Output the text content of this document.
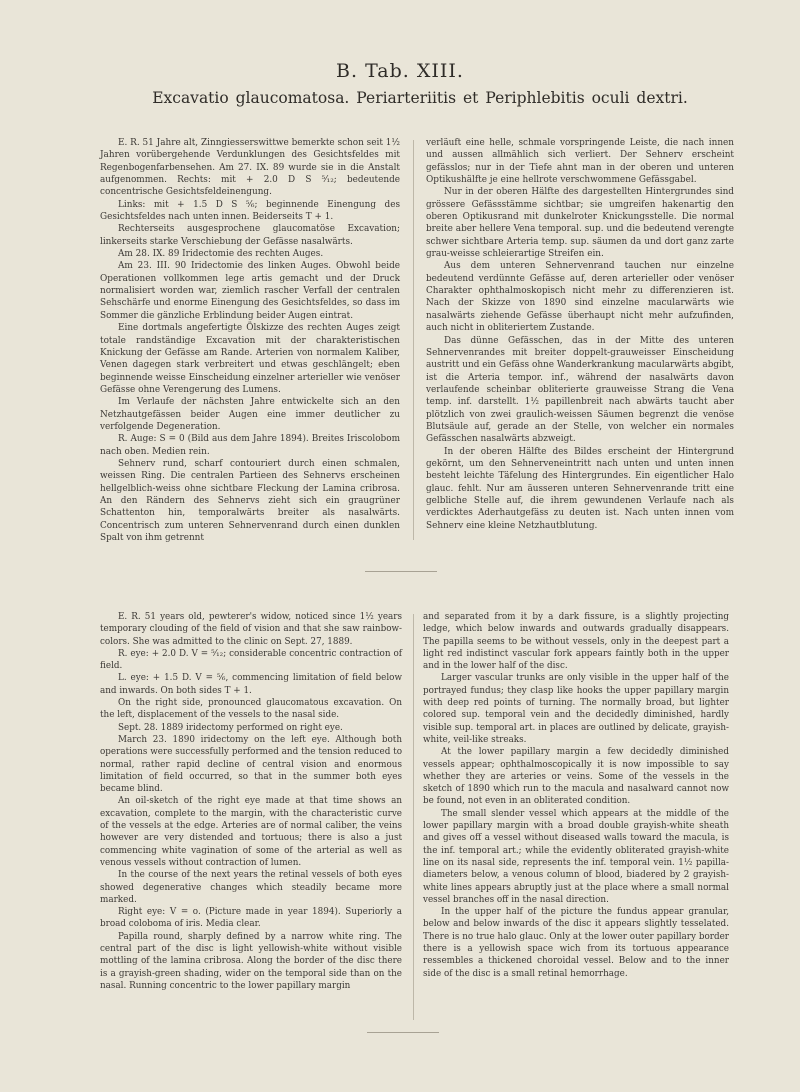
B. Tab. XIII.
Excavatio glaucomatosa. Periarteriitis et Periphlebitis oculi dextri.

E. R. 51 Jahre alt, Zinngiesserswittwe bemerkte schon seit 1½ Jahren vorübergehende Verdunklungen des Gesichtsfeldes mit Regenbogenfarbensehen. Am 27. IX. 89 wurde sie in die Anstalt aufgenommen. Rechts: mit + 2.0 D S ⁵⁄₁₂; bedeutende concentrische Gesichtsfeldeinengung.

Links: mit + 1.5 D S ⁵⁄₆; beginnende Einengung des Gesichtsfeldes nach unten innen. Beiderseits T + 1.

Rechterseits ausgesprochene glaucomatöse Excavation; linkerseits starke Verschiebung der Gefässe nasalwärts.

Am 28. IX. 89 Iridectomie des rechten Auges.

Am 23. III. 90 Iridectomie des linken Auges. Obwohl beide Operationen vollkommen lege artis gemacht und der Druck normalisiert worden war, ziemlich rascher Verfall der centralen Sehschärfe und enorme Einengung des Gesichtsfeldes, so dass im Sommer die gänzliche Erblindung beider Augen eintrat.

Eine dortmals angefertigte Ölskizze des rechten Auges zeigt totale randständige Excavation mit der charakteristischen Knickung der Gefässe am Rande. Arterien von normalem Kaliber, Venen dagegen stark verbreitert und etwas geschlängelt; eben beginnende weisse Einscheidung einzelner arterieller wie venöser Gefässe ohne Verengerung des Lumens.

Im Verlaufe der nächsten Jahre entwickelte sich an den Netzhautgefässen beider Augen eine immer deutlicher zu verfolgende Degeneration.

R. Auge: S = 0 (Bild aus dem Jahre 1894). Breites Iriscolobom nach oben. Medien rein.

Sehnerv rund, scharf contouriert durch einen schmalen, weissen Ring. Die centralen Partieen des Sehnervs erscheinen hellgelblich-weiss ohne sichtbare Fleckung der Lamina cribrosa. An den Rändern des Sehnervs zieht sich ein graugrüner Schattenton hin, temporalwärts breiter als nasalwärts. Concentrisch zum unteren Sehnervenrand durch einen dunklen Spalt von ihm getrennt

verläuft eine helle, schmale vorspringende Leiste, die nach innen und aussen allmählich sich verliert. Der Sehnerv erscheint gefässlos; nur in der Tiefe ahnt man in der oberen und unteren Optikushälfte je eine hellrote verschwommene Gefässgabel.

Nur in der oberen Hälfte des dargestellten Hintergrundes sind grössere Gefässstämme sichtbar; sie umgreifen hakenartig den oberen Optikusrand mit dunkelroter Knickungsstelle. Die normal breite aber hellere Vena temporal. sup. und die bedeutend verengte schwer sichtbare Arteria temp. sup. säumen da und dort ganz zarte grau-weisse schleierartige Streifen ein.

Aus dem unteren Sehnervenrand tauchen nur einzelne bedeutend verdünnte Gefässe auf, deren arterieller oder venöser Charakter ophthalmoskopisch nicht mehr zu differenzieren ist. Nach der Skizze von 1890 sind einzelne macularwärts wie nasalwärts ziehende Gefässe überhaupt nicht mehr aufzufinden, auch nicht in obliteriertem Zustande.

Das dünne Gefässchen, das in der Mitte des unteren Sehnervenrandes mit breiter doppelt-grauweisser Einscheidung austritt und ein Gefäss ohne Wanderkrankung macularwärts abgibt, ist die Arteria tempor. inf., während der nasalwärts davon verlaufende scheinbar obliterierte grauweisse Strang die Vena temp. inf. darstellt. 1½ papillenbreit nach abwärts taucht aber plötzlich von zwei graulich-weissen Säumen begrenzt die venöse Blutsäule auf, gerade an der Stelle, von welcher ein normales Gefässchen nasalwärts abzweigt.

In der oberen Hälfte des Bildes erscheint der Hintergrund gekörnt, um den Sehnerveneintritt nach unten und unten innen besteht leichte Täfelung des Hintergrundes. Ein eigentlicher Halo glauc. fehlt. Nur am äusseren unteren Sehnervenrande tritt eine gelbliche Stelle auf, die ihrem gewundenen Verlaufe nach als verdicktes Aderhautgefäss zu deuten ist. Nach unten innen vom Sehnerv eine kleine Netzhautblutung.

E. R. 51 years old, pewterer's widow, noticed since 1½ years temporary clouding of the field of vision and that she saw rainbow-colors. She was admitted to the clinic on Sept. 27, 1889.

R. eye: + 2.0 D. V = ⁵⁄₁₂; considerable concentric contraction of field.

L. eye: + 1.5 D. V = ⁵⁄₆, commencing limitation of field below and inwards. On both sides T + 1.

On the right side, pronounced glaucomatous excavation. On the left, displacement of the vessels to the nasal side.

Sept. 28. 1889 iridectomy performed on right eye.

March 23. 1890 iridectomy on the left eye. Although both operations were successfully performed and the tension reduced to normal, rather rapid decline of central vision and enormous limitation of field occurred, so that in the summer both eyes became blind.

An oil-sketch of the right eye made at that time shows an excavation, complete to the margin, with the characteristic curve of the vessels at the edge. Arteries are of normal caliber, the veins however are very distended and tortuous; there is also a just commencing white vagination of some of the arterial as well as venous vessels without contraction of lumen.

In the course of the next years the retinal vessels of both eyes showed degenerative changes which steadily became more marked.

Right eye: V = o. (Picture made in year 1894). Superiorly a broad coloboma of iris. Media clear.

Papilla round, sharply defined by a narrow white ring. The central part of the disc is light yellowish-white without visible mottling of the lamina cribrosa. Along the border of the disc there is a grayish-green shading, wider on the temporal side than on the nasal. Running concentric to the lower papillary margin

and separated from it by a dark fissure, is a slightly projecting ledge, which below inwards and outwards gradually disappears. The papilla seems to be without vessels, only in the deepest part a light red indistinct vascular fork appears faintly both in the upper and in the lower half of the disc.

Larger vascular trunks are only visible in the upper half of the portrayed fundus; they clasp like hooks the upper papillary margin with deep red points of turning. The normally broad, but lighter colored sup. temporal vein and the decidedly diminished, hardly visible sup. temporal art. in places are outlined by delicate, grayish-white, veil-like streaks.

At the lower papillary margin a few decidedly diminished vessels appear; ophthalmoscopically it is now impossible to say whether they are arteries or veins. Some of the vessels in the sketch of 1890 which run to the macula and nasalward cannot now be found, not even in an obliterated condition.

The small slender vessel which appears at the middle of the lower papillary margin with a broad double grayish-white sheath and gives off a vessel without diseased walls toward the macula, is the inf. temporal art.; while the evidently obliterated grayish-white line on its nasal side, represents the inf. temporal vein. 1½ papilla-diameters below, a venous column of blood, biadered by 2 grayish-white lines appears abruptly just at the place where a small normal vessel branches off in the nasal direction.

In the upper half of the picture the fundus appear granular, below and below inwards of the disc it appears slightly tesselated. There is no true halo glauc. Only at the lower outer papillary border there is a yellowish space wich from its tortuous appearance ressembles a thickened choroidal vessel. Below and to the inner side of the disc is a small retinal hemorrhage.
